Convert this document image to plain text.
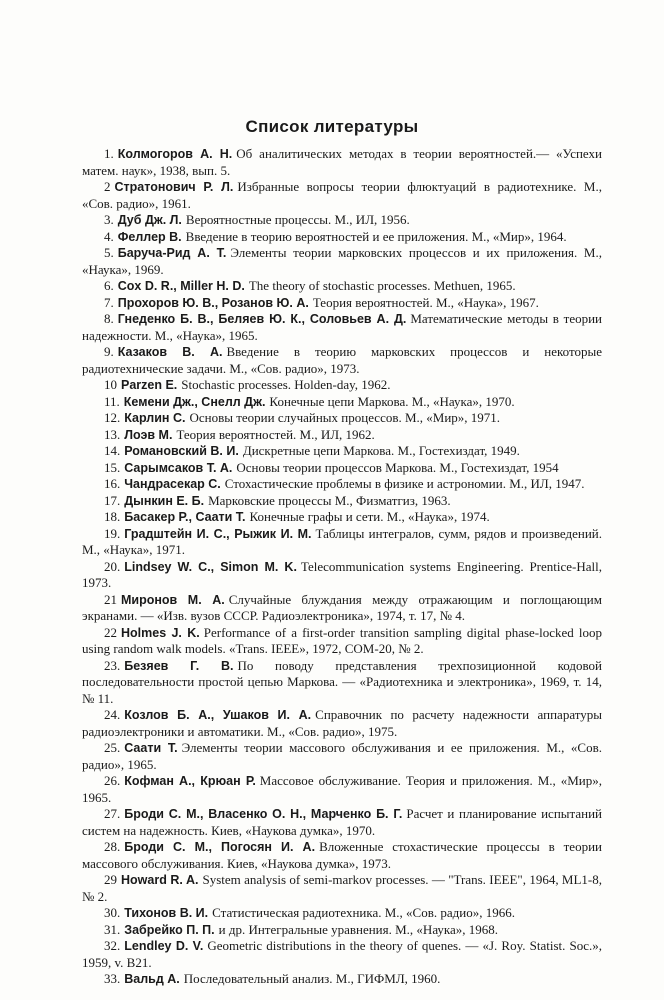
Список литературы
1. Колмогоров А. Н. Об аналитических методах в теории вероятностей.— «Успехи матем. наук», 1938, вып. 5.
2 Стратонович Р. Л. Избранные вопросы теории флюктуаций в радиотехнике. М., «Сов. радио», 1961.
3. Дуб Дж. Л. Вероятностные процессы. М., ИЛ, 1956.
4. Феллер В. Введение в теорию вероятностей и ее приложения. М., «Мир», 1964.
5. Баруча-Рид А. Т. Элементы теории марковских процессов и их приложения. М., «Наука», 1969.
6. Cox D. R., Miller H. D. The theory of stochastic processes. Methuen, 1965.
7. Прохоров Ю. В., Розанов Ю. А. Теория вероятностей. М., «Наука», 1967.
8. Гнеденко Б. В., Беляев Ю. К., Соловьев А. Д. Математические методы в теории надежности. М., «Наука», 1965.
9. Казаков В. А. Введение в теорию марковских процессов и некоторые радиотехнические задачи. М., «Сов. радио», 1973.
10 Parzen E. Stochastic processes. Holden-day, 1962.
11. Кемени Дж., Снелл Дж. Конечные цепи Маркова. М., «Наука», 1970.
12. Карлин С. Основы теории случайных процессов. М., «Мир», 1971.
13. Лоэв М. Теория вероятностей. М., ИЛ, 1962.
14. Романовский В. И. Дискретные цепи Маркова. М., Гостехиздат, 1949.
15. Сарымсаков Т. А. Основы теории процессов Маркова. М., Гостехиздат, 1954
16. Чандрасекар С. Стохастические проблемы в физике и астрономии. М., ИЛ, 1947.
17. Дынкин Е. Б. Марковские процессы М., Физматгиз, 1963.
18. Басакер Р., Саати Т. Конечные графы и сети. М., «Наука», 1974.
19. Градштейн И. С., Рыжик И. М. Таблицы интегралов, сумм, рядов и произведений. М., «Наука», 1971.
20. Lindsey W. C., Simon M. K. Telecommunication systems Engineering. Prentice-Hall, 1973.
21 Миронов М. А. Случайные блуждания между отражающим и поглощающим экранами. — «Изв. вузов СССР. Радиоэлектроника», 1974, т. 17, № 4.
22 Holmes J. K. Performance of a first-order transition sampling digital phase-locked loop using random walk models. «Trans. IEEE», 1972, COM-20, № 2.
23. Безяев Г. В. По поводу представления трехпозиционной кодовой последовательности простой цепью Маркова. — «Радиотехника и электроника», 1969, т. 14, № 11.
24. Козлов Б. А., Ушаков И. А. Справочник по расчету надежности аппаратуры радиоэлектроники и автоматики. М., «Сов. радио», 1975.
25. Саати Т. Элементы теории массового обслуживания и ее приложения. М., «Сов. радио», 1965.
26. Кофман А., Крюан Р. Массовое обслуживание. Теория и приложения. М., «Мир», 1965.
27. Броди С. М., Власенко О. Н., Марченко Б. Г. Расчет и планирование испытаний систем на надежность. Киев, «Наукова думка», 1970.
28. Броди С. М., Погосян И. А. Вложенные стохастические процессы в теории массового обслуживания. Киев, «Наукова думка», 1973.
29 Howard R. A. System analysis of semi-markov processes. — "Trans. IEEE", 1964, ML1-8, № 2.
30. Тихонов В. И. Статистическая радиотехника. М., «Сов. радио», 1966.
31. Забрейко П. П. и др. Интегральные уравнения. М., «Наука», 1968.
32. Lendley D. V. Geometric distributions in the theory of quenes. — «J. Roy. Statist. Soc.», 1959, v. B21.
33. Вальд А. Последовательный анализ. М., ГИФМЛ, 1960.
